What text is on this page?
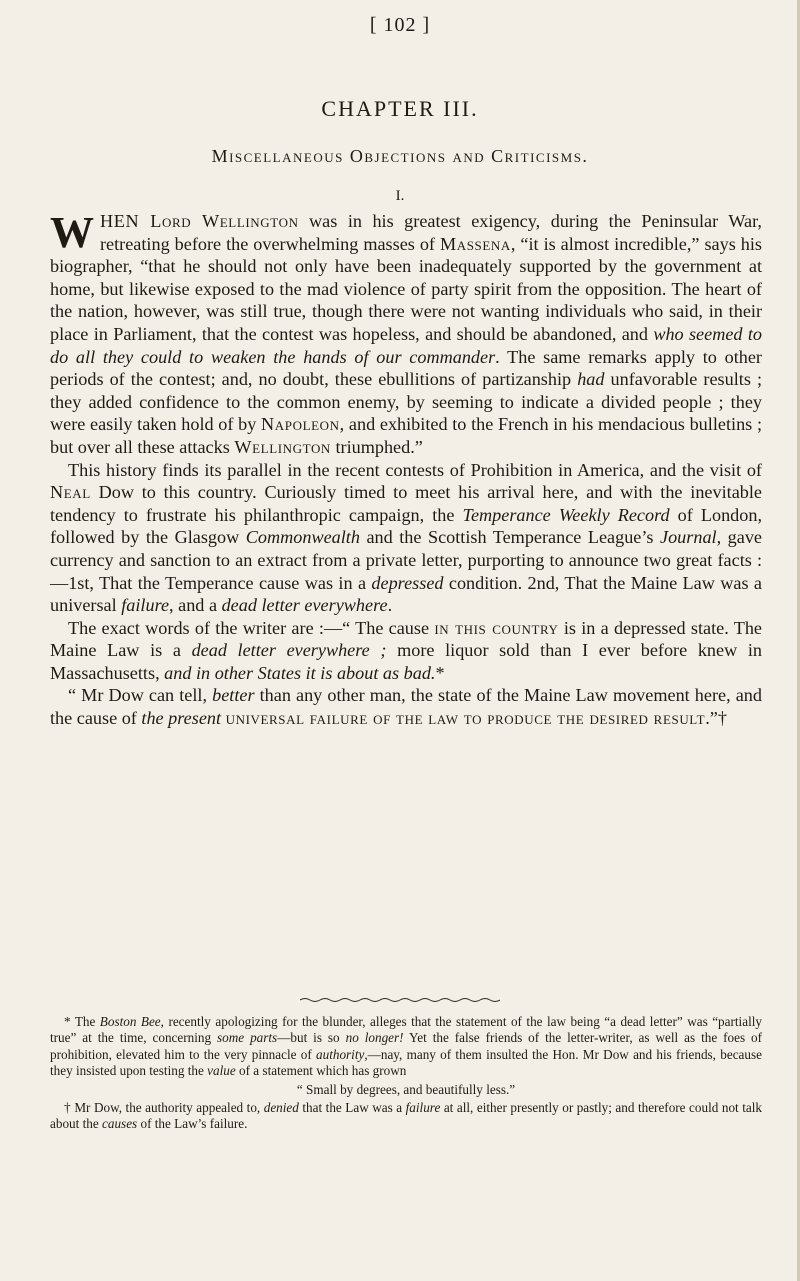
[ 102 ]
CHAPTER III.
Miscellaneous Objections and Criticisms.
I.

WHEN Lord Wellington was in his greatest exigency, during the Peninsular War, retreating before the overwhelming masses of Massena, “it is almost incredible,” says his biographer, “that he should not only have been inadequately supported by the government at home, but likewise exposed to the mad violence of party spirit from the opposition. The heart of the nation, however, was still true, though there were not wanting individuals who said, in their place in Parliament, that the contest was hopeless, and should be abandoned, and who seemed to do all they could to weaken the hands of our commander. The same remarks apply to other periods of the contest; and, no doubt, these ebullitions of partizanship had unfavorable results ; they added confidence to the common enemy, by seeming to indicate a divided people ; they were easily taken hold of by Napoleon, and exhibited to the French in his mendacious bulletins ; but over all these attacks Wellington triumphed.”

This history finds its parallel in the recent contests of Prohibition in America, and the visit of Neal Dow to this country. Curiously timed to meet his arrival here, and with the inevitable tendency to frustrate his philanthropic campaign, the Temperance Weekly Record of London, followed by the Glasgow Commonwealth and the Scottish Temperance League’s Journal, gave currency and sanction to an extract from a private letter, purporting to announce two great facts :—1st, That the Temperance cause was in a depressed condition. 2nd, That the Maine Law was a universal failure, and a dead letter everywhere.

The exact words of the writer are :—“ The cause in this country is in a depressed state. The Maine Law is a dead letter everywhere ; more liquor sold than I ever before knew in Massachusetts, and in other States it is about as bad.*

“ Mr Dow can tell, better than any other man, the state of the Maine Law movement here, and the cause of the present universal failure of the law to produce the desired result.”†

* The Boston Bee, recently apologizing for the blunder, alleges that the statement of the law being “a dead letter” was “partially true” at the time, concerning some parts—but is so no longer! Yet the false friends of the letter-writer, as well as the foes of prohibition, elevated him to the very pinnacle of authority,—nay, many of them insulted the Hon. Mr Dow and his friends, because they insisted upon testing the value of a statement which has grown

“ Small by degrees, and beautifully less.”

† Mr Dow, the authority appealed to, denied that the Law was a failure at all, either presently or pastly; and therefore could not talk about the causes of the Law’s failure.
